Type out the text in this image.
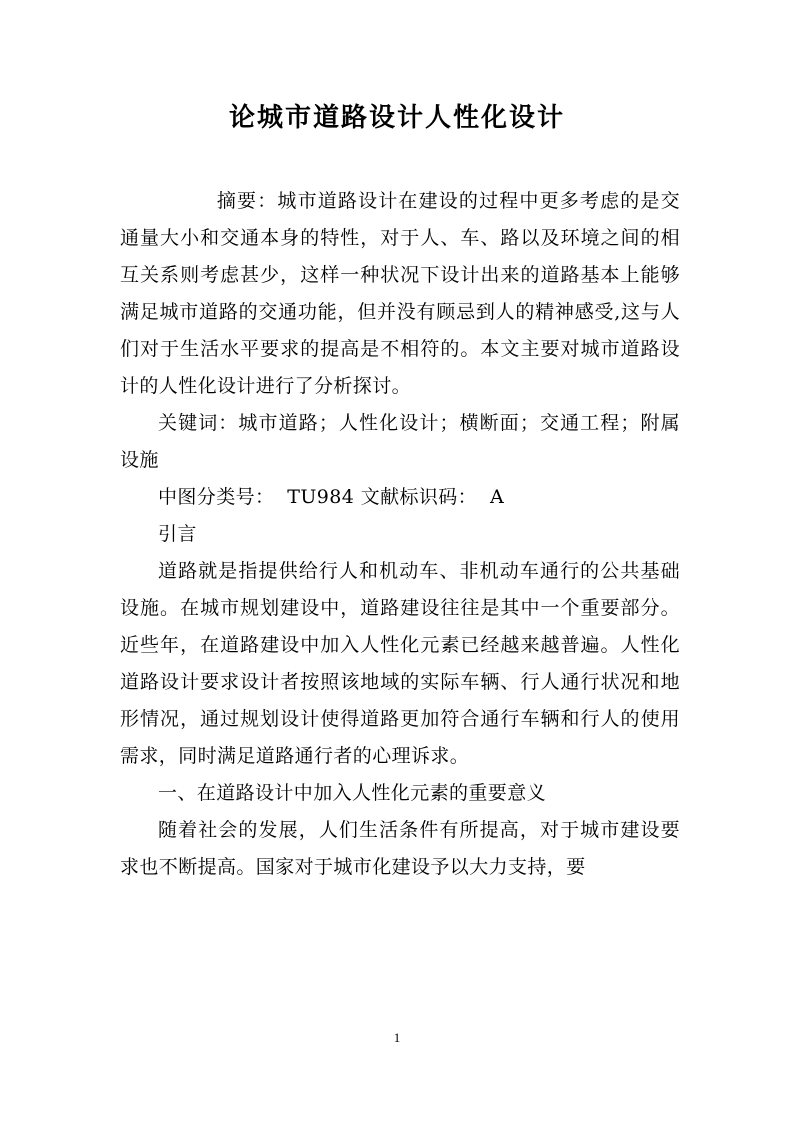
论城市道路设计人性化设计

摘要：城市道路设计在建设的过程中更多考虑的是交通量大小和交通本身的特性，对于人、车、路以及环境之间的相互关系则考虑甚少，这样一种状况下设计出来的道路基本上能够满足城市道路的交通功能，但并没有顾忌到人的精神感受,这与人们对于生活水平要求的提高是不相符的。本文主要对城市道路设计的人性化设计进行了分析探讨。

关键词：城市道路；人性化设计；横断面；交通工程；附属设施

中图分类号：  TU984 文献标识码：  A

引言

道路就是指提供给行人和机动车、非机动车通行的公共基础设施。在城市规划建设中，道路建设往往是其中一个重要部分。近些年，在道路建设中加入人性化元素已经越来越普遍。人性化道路设计要求设计者按照该地域的实际车辆、行人通行状况和地形情况，通过规划设计使得道路更加符合通行车辆和行人的使用需求，同时满足道路通行者的心理诉求。

一、在道路设计中加入人性化元素的重要意义

随着社会的发展，人们生活条件有所提高，对于城市建设要求也不断提高。国家对于城市化建设予以大力支持，要

1
